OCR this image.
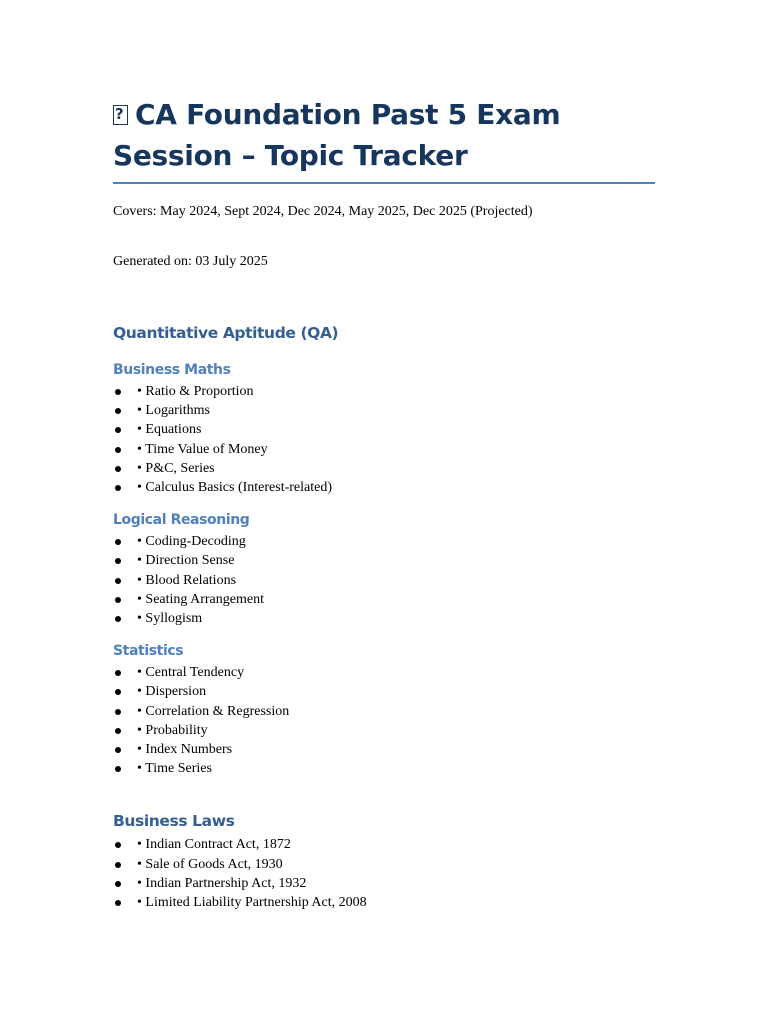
?CA Foundation Past 5 Exam Session – Topic Tracker

Covers: May 2024, Sept 2024, Dec 2024, May 2025, Dec 2025 (Projected)

Generated on: 03 July 2025

Quantitative Aptitude (QA)
Business Maths
• Ratio & Proportion
• Logarithms
• Equations
• Time Value of Money
• P&C, Series
• Calculus Basics (Interest-related)
Logical Reasoning
• Coding-Decoding
• Direction Sense
• Blood Relations
• Seating Arrangement
• Syllogism
Statistics
• Central Tendency
• Dispersion
• Correlation & Regression
• Probability
• Index Numbers
• Time Series
Business Laws
• Indian Contract Act, 1872
• Sale of Goods Act, 1930
• Indian Partnership Act, 1932
• Limited Liability Partnership Act, 2008
